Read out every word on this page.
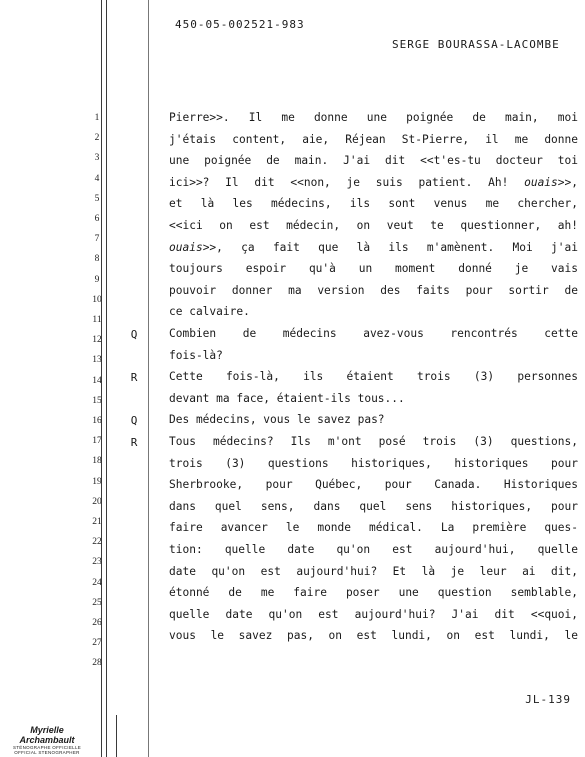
450-05-002521-983
SERGE BOURASSA-LACOMBE
1
2
3
4
5
6
7
8
9
10
11
12
13
14
15
16
17
18
19
20
21
22
23
24
25
26
27
28
Pierre>>. Il me donne une poignée de main, moi
j'étais content, aie, Réjean St-Pierre, il me donne
une poignée de main. J'ai dit <<t'es-tu docteur toi
ici>>? Il dit <<non, je suis patient. Ah! ouais>>,
et là les médecins, ils sont venus me chercher,
<<ici on est médecin, on veut te questionner, ah!
ouais>>, ça fait que là ils m'amènent. Moi j'ai
toujours espoir qu'à un moment donné je vais
pouvoir donner ma version des faits pour sortir de
ce calvaire.
Q	Combien de médecins avez-vous rencontrés cette
fois-là?
R	Cette fois-là, ils étaient trois (3) personnes
devant ma face, étaient-ils tous...
Q	Des médecins, vous le savez pas?
R	Tous médecins? Ils m'ont posé trois (3) questions,
trois (3) questions historiques, historiques pour
Sherbrooke, pour Québec, pour Canada. Historiques
dans quel sens, dans quel sens historiques, pour
faire avancer le monde médical. La première ques-
tion: quelle date qu'on est aujourd'hui, quelle
date qu'on est aujourd'hui? Et là je leur ai dit,
étonné de me faire poser une question semblable,
quelle date qu'on est aujourd'hui? J'ai dit <<quoi,
vous le savez pas, on est lundi, on est lundi, le
JL-139
Myrielle Archambault
STÉNOGRAPHE OFFICIELLE
OFFICIAL STENOGRAPHER
